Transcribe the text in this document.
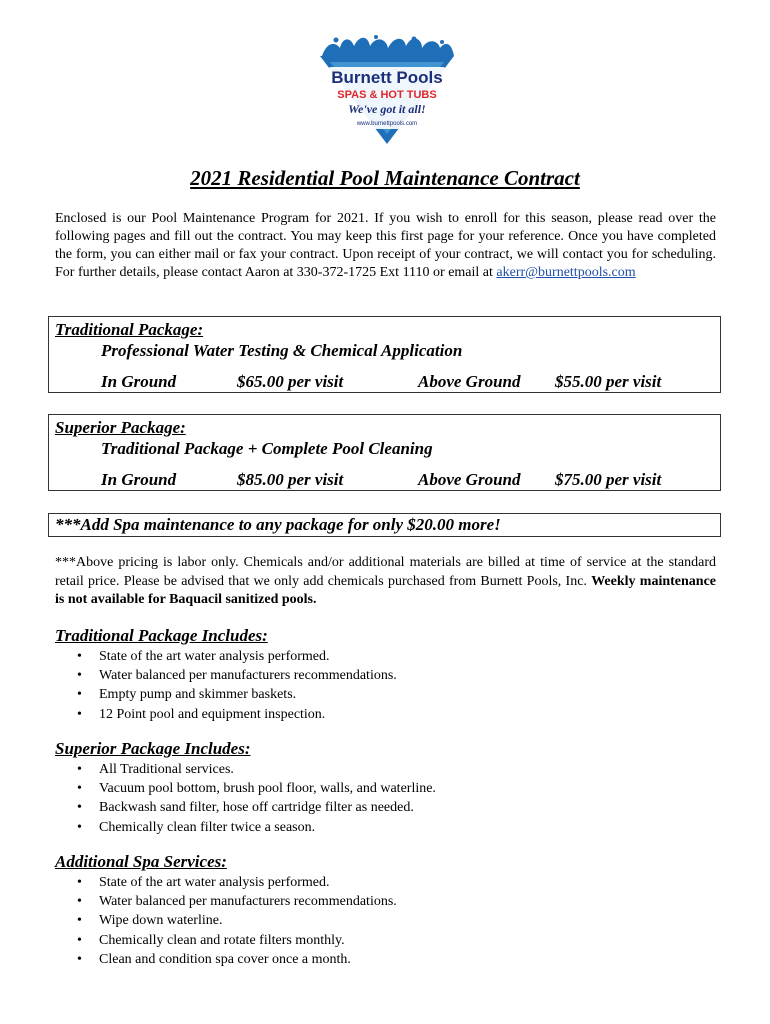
Burnett Pools
SPAS & HOT TUBS
We've got it all!
www.burnettpools.com
2021 Residential Pool Maintenance Contract
Enclosed is our Pool Maintenance Program for 2021. If you wish to enroll for this season, please read over the following pages and fill out the contract. You may keep this first page for your reference. Once you have completed the form, you can either mail or fax your contract. Upon receipt of your contract, we will contact you for scheduling. For further details, please contact Aaron at 330-372-1725 Ext 1110 or email at akerr@burnettpools.com
Traditional Package:
Professional Water Testing & Chemical Application
In Ground	$65.00 per visit	Above Ground $55.00 per visit
Superior Package:
Traditional Package + Complete Pool Cleaning
In Ground	$85.00 per visit	Above Ground $75.00 per visit
***Add Spa maintenance to any package for only $20.00 more!
***Above pricing is labor only. Chemicals and/or additional materials are billed at time of service at the standard retail price. Please be advised that we only add chemicals purchased from Burnett Pools, Inc. Weekly maintenance is not available for Baquacil sanitized pools.
Traditional Package Includes:
• State of the art water analysis performed.
• Water balanced per manufacturers recommendations.
• Empty pump and skimmer baskets.
• 12 Point pool and equipment inspection.
Superior Package Includes:
• All Traditional services.
• Vacuum pool bottom, brush pool floor, walls, and waterline.
• Backwash sand filter, hose off cartridge filter as needed.
• Chemically clean filter twice a season.
Additional Spa Services:
• State of the art water analysis performed.
• Water balanced per manufacturers recommendations.
• Wipe down waterline.
• Chemically clean and rotate filters monthly.
• Clean and condition spa cover once a month.
